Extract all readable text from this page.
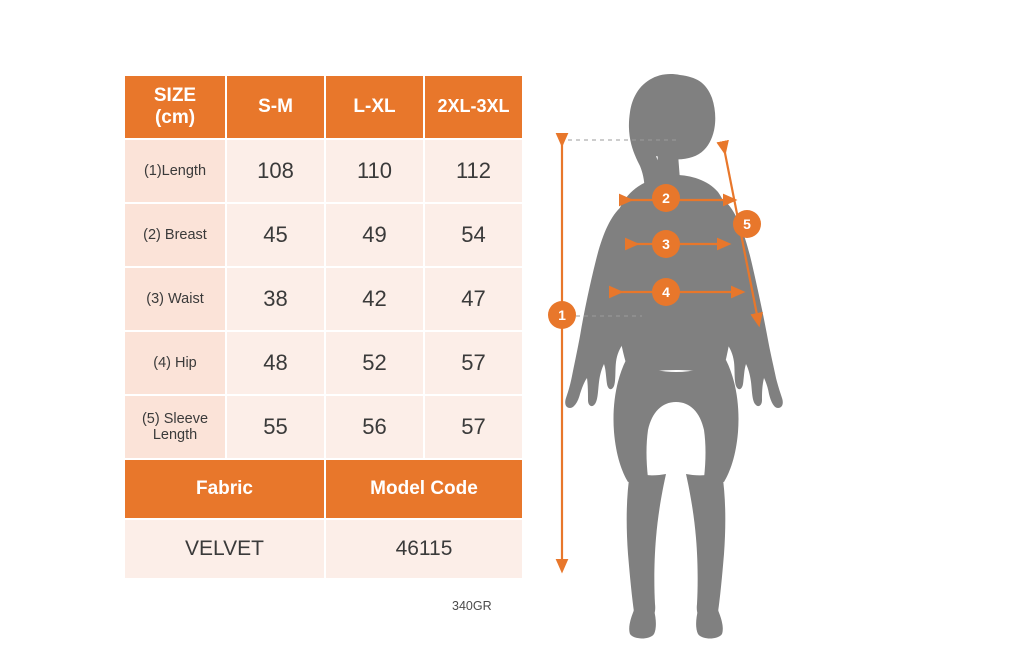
SIZE
(cm)	S-M	L-XL	2XL-3XL
(1)Length	108	110	112
(2) Breast	45	49	54
(3) Waist	38	42	47
(4) Hip	48	52	57
(5) Sleeve Length	55	56	57
Fabric		Model Code	
VELVET		46115	
340GR
1
2
3
4
5
